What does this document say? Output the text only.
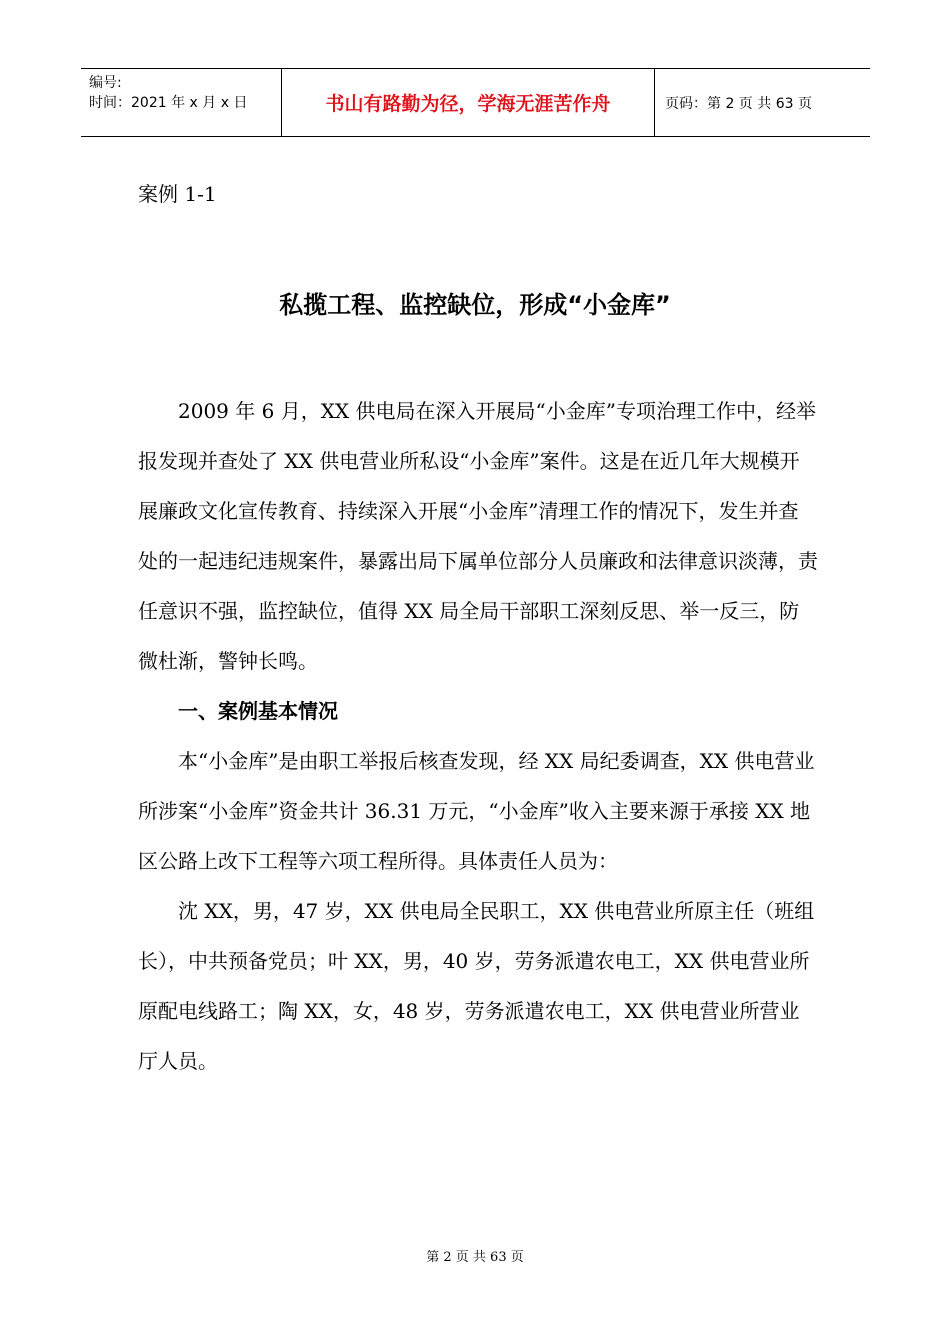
编号:
时间：2021 年 x 月 x 日	书山有路勤为径，学海无涯苦作舟	页码：第 2 页 共 63 页
案例 1-1
私揽工程、监控缺位，形成“小金库”

2009 年 6 月，XX 供电局在深入开展局“小金库”专项治理工作中，经举报发现并查处了 XX 供电营业所私设“小金库”案件。这是在近几年大规模开展廉政文化宣传教育、持续深入开展“小金库”清理工作的情况下，发生并查处的一起违纪违规案件，暴露出局下属单位部分人员廉政和法律意识淡薄，责任意识不强，监控缺位，值得 XX 局全局干部职工深刻反思、举一反三，防微杜渐，警钟长鸣。

一、案例基本情况

本“小金库”是由职工举报后核查发现，经 XX 局纪委调查，XX 供电营业所涉案“小金库”资金共计 36.31 万元，“小金库”收入主要来源于承接 XX 地区公路上改下工程等六项工程所得。具体责任人员为：

沈 XX，男，47 岁，XX 供电局全民职工，XX 供电营业所原主任（班组长），中共预备党员；叶 XX，男，40 岁，劳务派遣农电工，XX 供电营业所原配电线路工；陶 XX，女，48 岁，劳务派遣农电工，XX 供电营业所营业厅人员。

第 2 页 共 63 页
